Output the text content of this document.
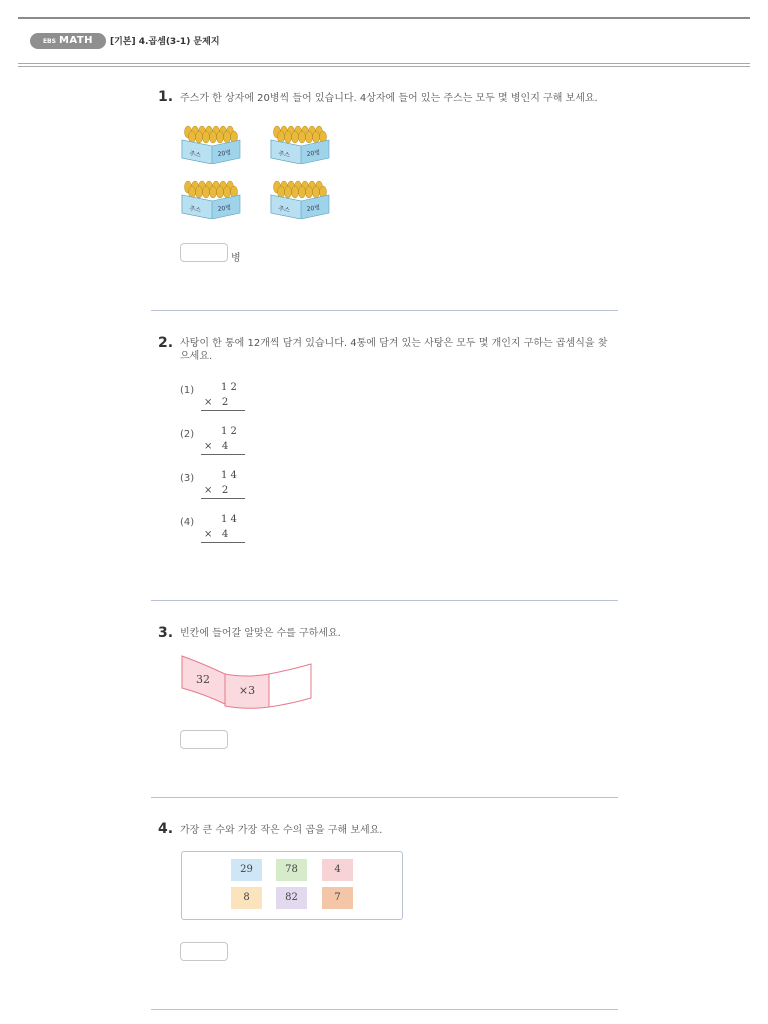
EBS MATH	[기본] 4.곱셈(3-1) 문제지
1. 주스가 한 상자에 20병씩 들어 있습니다. 4상자에 들어 있는 주스는 모두 몇 병인지 구해 보세요.
주스	20병	주스	20병
주스	20병	주스	20병
병
2. 사탕이 한 통에 12개씩 담겨 있습니다. 4통에 담겨 있는 사탕은 모두 몇 개인지 구하는 곱셈식을 찾
으세요.
(1)	1 2
×   2
(2)	1 2
×   4
(3)	1 4
×   2
(4)	1 4
×   4
3. 빈칸에 들어갈 알맞은 수를 구하세요.
32
×3
4. 가장 큰 수와 가장 작은 수의 곱을 구해 보세요.
29	78	4
8	82	7
